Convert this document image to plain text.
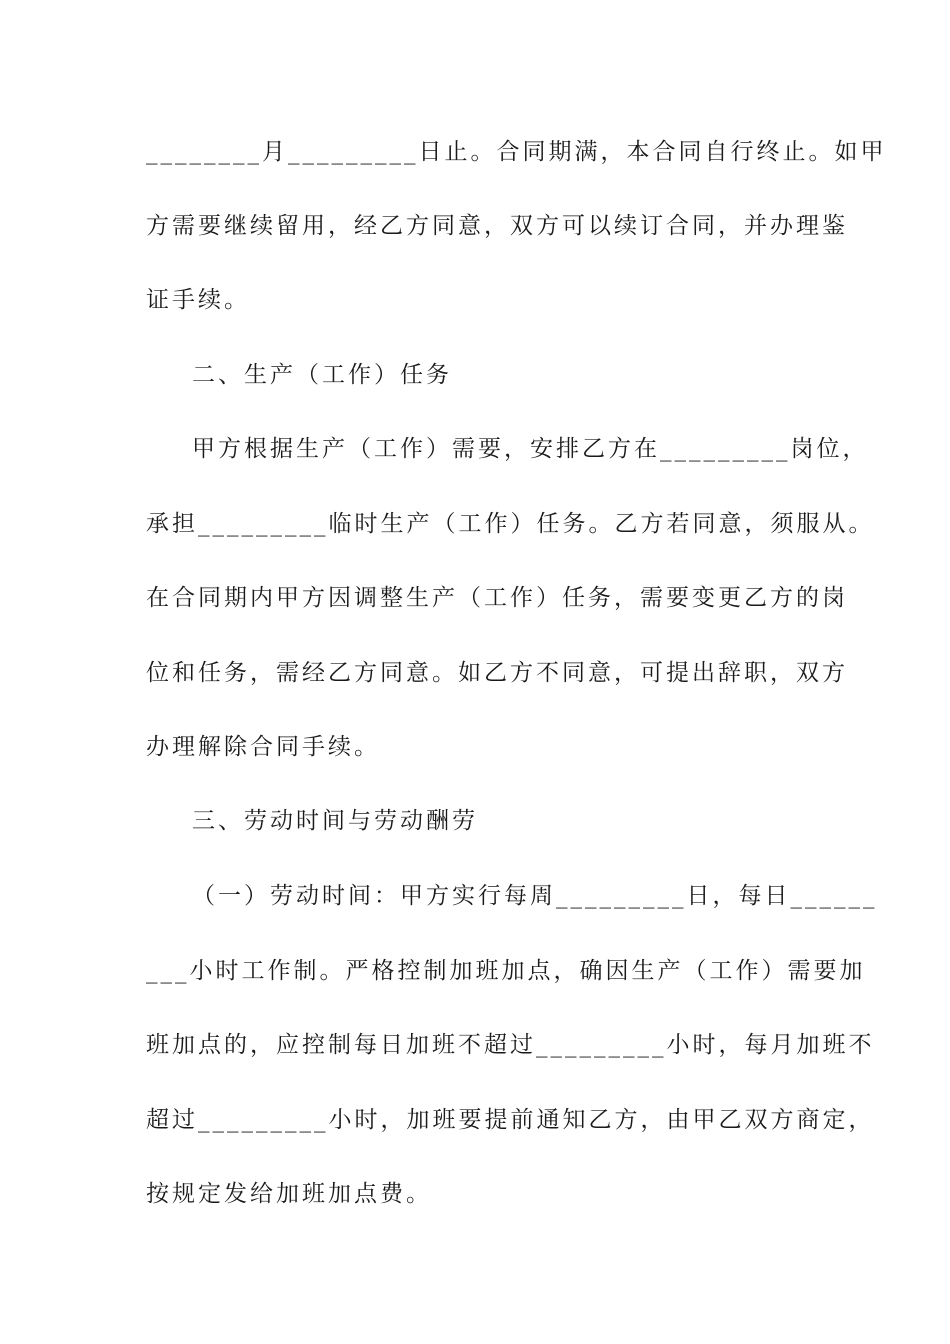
________月_________日止。合同期满，本合同自行终止。如甲
方需要继续留用，经乙方同意，双方可以续订合同，并办理鉴
证手续。
二、生产（工作）任务
甲方根据生产（工作）需要，安排乙方在_________岗位，
承担_________临时生产（工作）任务。乙方若同意，须服从。
在合同期内甲方因调整生产（工作）任务，需要变更乙方的岗
位和任务，需经乙方同意。如乙方不同意，可提出辞职，双方
办理解除合同手续。
三、劳动时间与劳动酬劳
（一）劳动时间：甲方实行每周_________日，每日______
___小时工作制。严格控制加班加点，确因生产（工作）需要加
班加点的，应控制每日加班不超过_________小时，每月加班不
超过_________小时，加班要提前通知乙方，由甲乙双方商定，
按规定发给加班加点费。
